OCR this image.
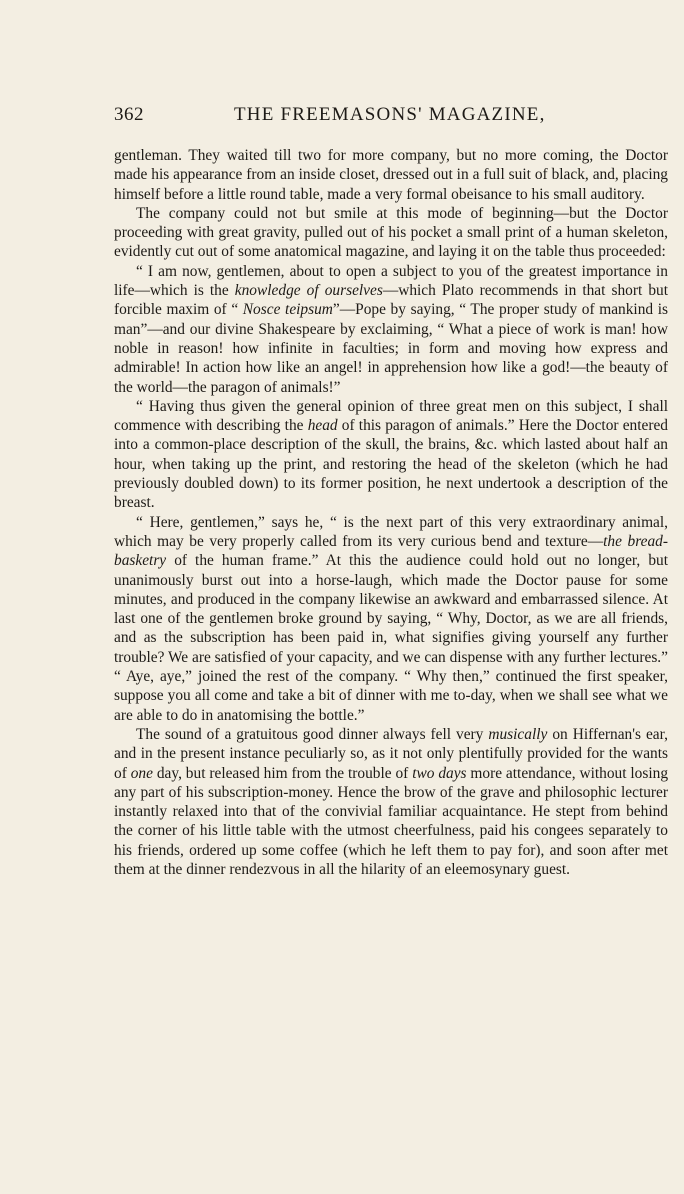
362	THE FREEMASONS' MAGAZINE,

gentleman. They waited till two for more company, but no more coming, the Doctor made his appearance from an inside closet, dressed out in a full suit of black, and, placing himself before a little round table, made a very formal obeisance to his small auditory.

The company could not but smile at this mode of beginning—but the Doctor proceeding with great gravity, pulled out of his pocket a small print of a human skeleton, evidently cut out of some anatomical magazine, and laying it on the table thus proceeded:

“ I am now, gentlemen, about to open a subject to you of the greatest importance in life—which is the knowledge of ourselves—which Plato recommends in that short but forcible maxim of “ Nosce teipsum”—Pope by saying, “ The proper study of mankind is man”—and our divine Shakespeare by exclaiming, “ What a piece of work is man! how noble in reason! how infinite in faculties; in form and moving how express and admirable! In action how like an angel! in apprehension how like a god!—the beauty of the world—the paragon of animals!”

“ Having thus given the general opinion of three great men on this subject, I shall commence with describing the head of this paragon of animals.” Here the Doctor entered into a common-place description of the skull, the brains, &c. which lasted about half an hour, when taking up the print, and restoring the head of the skeleton (which he had previously doubled down) to its former position, he next undertook a description of the breast.

“ Here, gentlemen,” says he, “ is the next part of this very extraordinary animal, which may be very properly called from its very curious bend and texture—the bread-basketry of the human frame.” At this the audience could hold out no longer, but unanimously burst out into a horse-laugh, which made the Doctor pause for some minutes, and produced in the company likewise an awkward and embarrassed silence. At last one of the gentlemen broke ground by saying, “ Why, Doctor, as we are all friends, and as the subscription has been paid in, what signifies giving yourself any further trouble? We are satisfied of your capacity, and we can dispense with any further lectures.” “ Aye, aye,” joined the rest of the company. “ Why then,” continued the first speaker, suppose you all come and take a bit of dinner with me to-day, when we shall see what we are able to do in anatomising the bottle.”

The sound of a gratuitous good dinner always fell very musically on Hiffernan's ear, and in the present instance peculiarly so, as it not only plentifully provided for the wants of one day, but released him from the trouble of two days more attendance, without losing any part of his subscription-money. Hence the brow of the grave and philosophic lecturer instantly relaxed into that of the convivial familiar acquaintance. He stept from behind the corner of his little table with the utmost cheerfulness, paid his congees separately to his friends, ordered up some coffee (which he left them to pay for), and soon after met them at the dinner rendezvous in all the hilarity of an eleemosynary guest.
